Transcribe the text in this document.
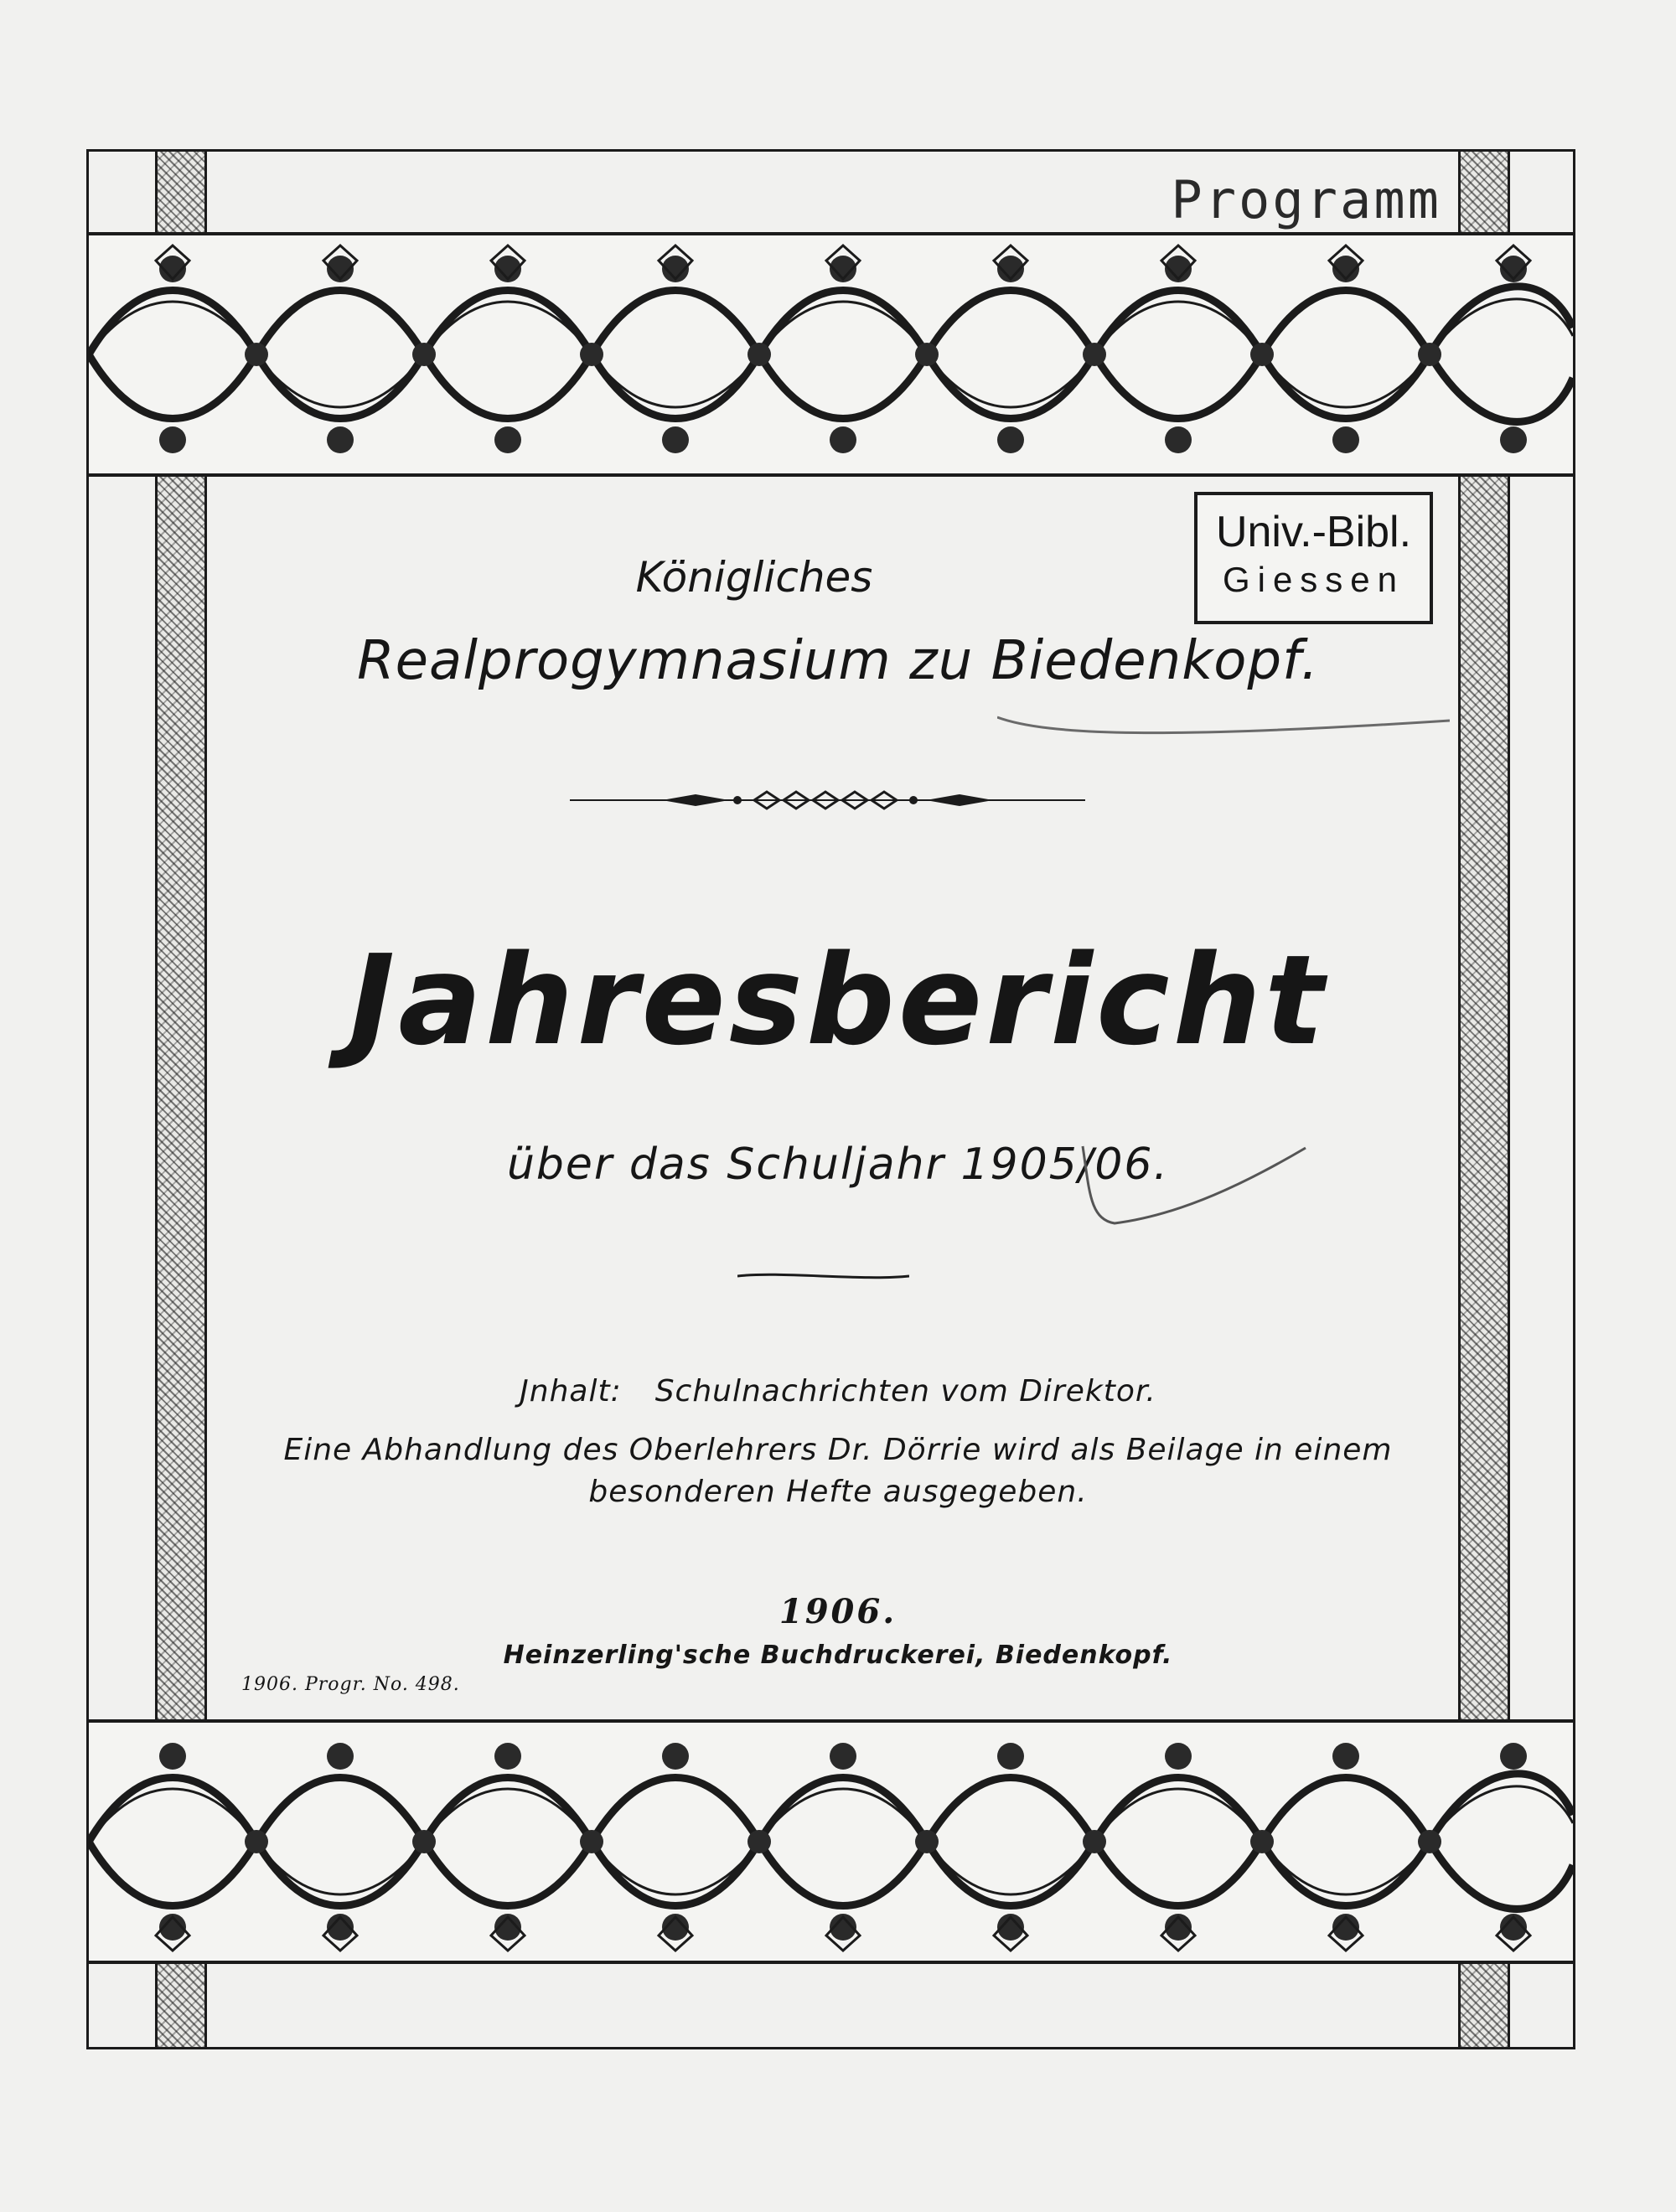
Programm
Univ.-Bibl.
Giessen
Königliches
Realprogymnasium zu Biedenkopf.
Jahresbericht
über das Schuljahr 1905/06.
Jnhalt: Schulnachrichten vom Direktor.
Eine Abhandlung des Oberlehrers Dr. Dörrie wird als Beilage in einem
besonderen Hefte ausgegeben.
1906.
Heinzerling'sche Buchdruckerei, Biedenkopf.
1906. Progr. No. 498.
